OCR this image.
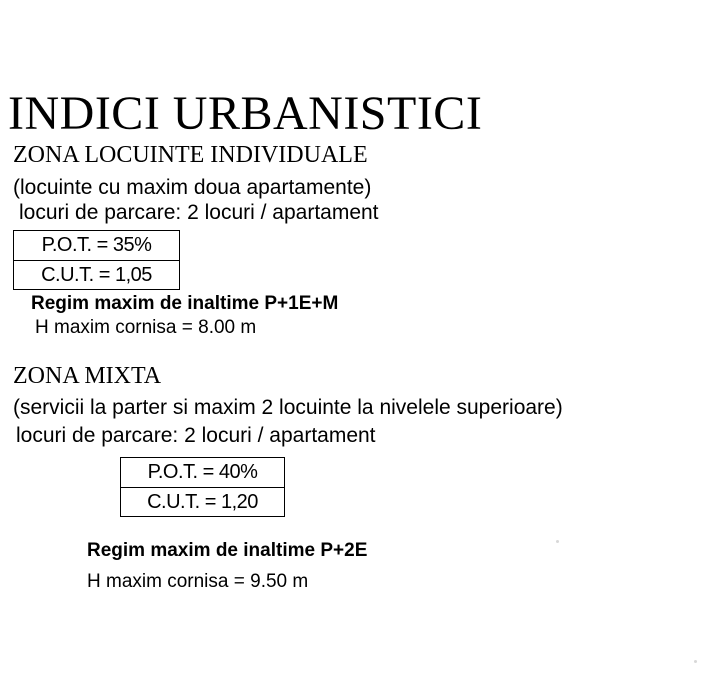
INDICI URBANISTICI
ZONA LOCUINTE INDIVIDUALE
(locuinte cu maxim doua apartamente)
locuri de parcare: 2 locuri / apartament
P.O.T. = 35%
C.U.T. = 1,05
Regim maxim de inaltime P+1E+M
H maxim cornisa = 8.00 m
ZONA MIXTA
(servicii la parter si maxim 2 locuinte la nivelele superioare)
locuri de parcare: 2 locuri / apartament
P.O.T. = 40%
C.U.T. = 1,20
Regim maxim de inaltime P+2E
H maxim cornisa = 9.50 m
